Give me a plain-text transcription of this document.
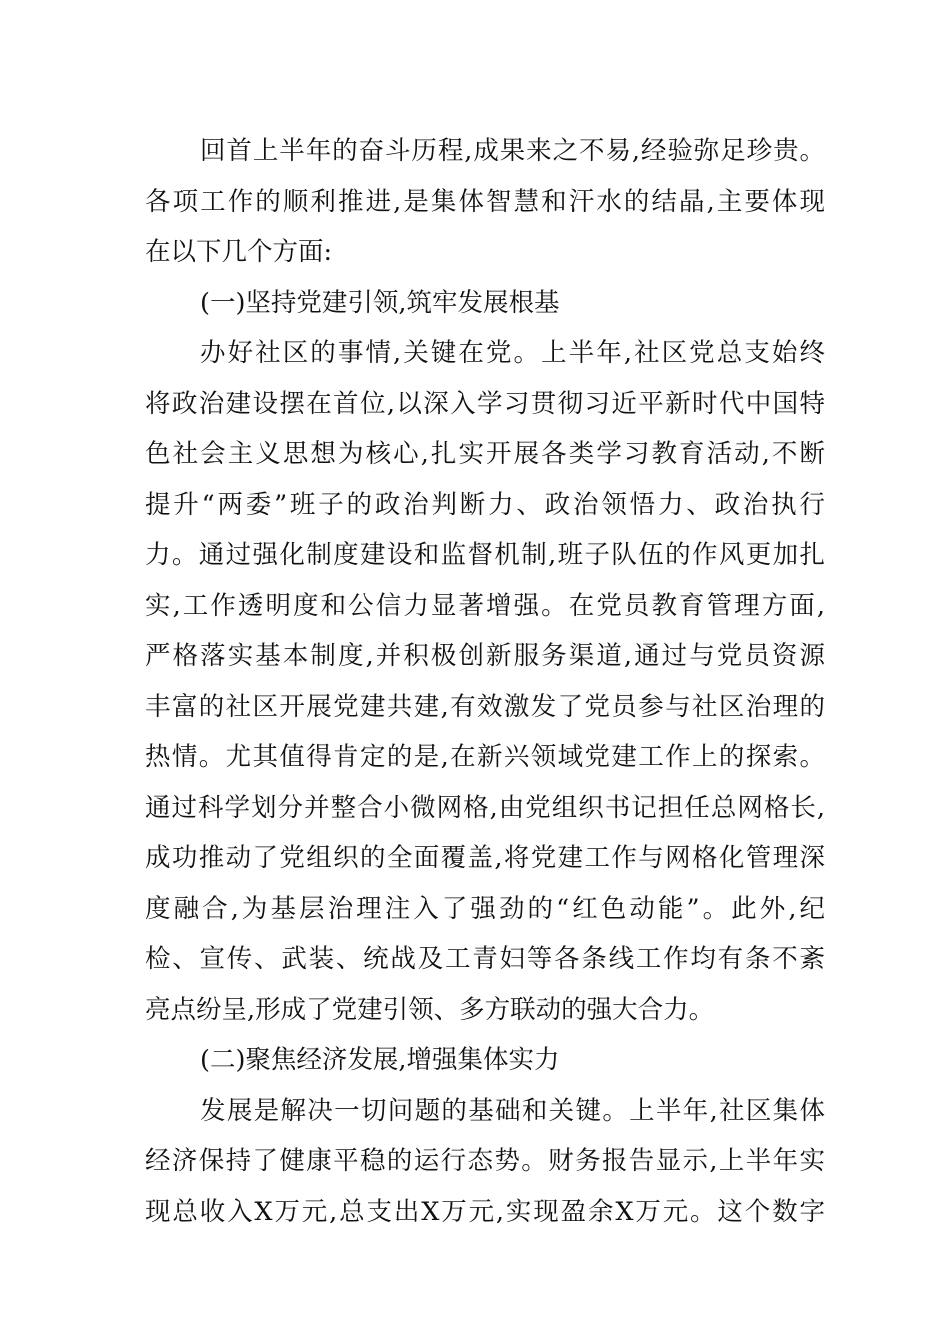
回首上半年的奋斗历程,成果来之不易,经验弥足珍贵。
各项工作的顺利推进,是集体智慧和汗水的结晶,主要体现
在以下几个方面:
(一)坚持党建引领,筑牢发展根基
办好社区的事情,关键在党。上半年,社区党总支始终
将政治建设摆在首位,以深入学习贯彻习近平新时代中国特
色社会主义思想为核心,扎实开展各类学习教育活动,不断
提升“两委”班子的政治判断力、政治领悟力、政治执行
力。通过强化制度建设和监督机制,班子队伍的作风更加扎
实,工作透明度和公信力显著增强。在党员教育管理方面,
严格落实基本制度,并积极创新服务渠道,通过与党员资源
丰富的社区开展党建共建,有效激发了党员参与社区治理的
热情。尤其值得肯定的是,在新兴领域党建工作上的探索。
通过科学划分并整合小微网格,由党组织书记担任总网格长,
成功推动了党组织的全面覆盖,将党建工作与网格化管理深
度融合,为基层治理注入了强劲的“红色动能”。此外,纪
检、宣传、武装、统战及工青妇等各条线工作均有条不紊
亮点纷呈,形成了党建引领、多方联动的强大合力。
(二)聚焦经济发展,增强集体实力
发展是解决一切问题的基础和关键。上半年,社区集体
经济保持了健康平稳的运行态势。财务报告显示,上半年实
现总收入X万元,总支出X万元,实现盈余X万元。这个数字
